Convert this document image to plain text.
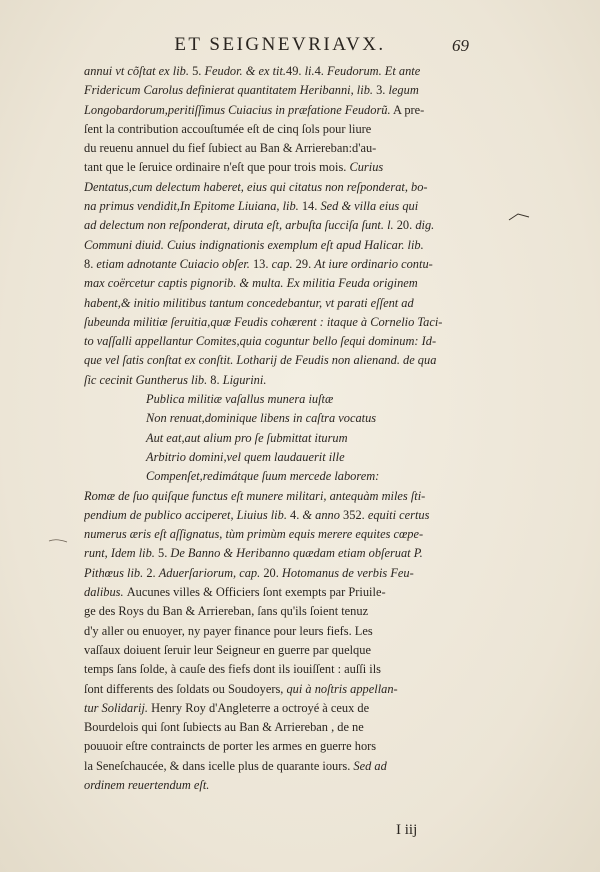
ET SEIGNEVRIAVX.	69
annui vt cõſtat ex lib. 5. Feudor. & ex tit.49. li.4. Feudorum. Et ante
Fridericum Carolus definierat quantitatem Heribanni, lib. 3. legum
Longobardorum,peritiſſimus Cuiacius in præfatione Feudorũ. A pre-
ſent la contribution accouſtumée eſt de cinq ſols pour liure
du reuenu annuel du fief ſubiect au Ban & Arriereban:d'au-
tant que le ſeruice ordinaire n'eſt que pour trois mois. Curius
Dentatus,cum delectum haberet, eius qui citatus non reſponderat, bo-
na primus vendidit,In Epitome Liuiana, lib. 14. Sed & villa eius qui
ad delectum non reſponderat, diruta eſt, arbuſta ſucciſa ſunt. l. 20. dig.
Communi diuid. Cuius indignationis exemplum eſt apud Halicar. lib.
8. etiam adnotante Cuiacio obſer. 13. cap. 29. At iure ordinario contu-
max coërcetur captis pignorib. & multa. Ex militia Feuda originem
habent,& initio militibus tantum concedebantur, vt parati eſſent ad
ſubeunda militiæ ſeruitia,quæ Feudis cohærent : itaque à Cornelio Taci-
to vaſſalli appellantur Comites,quia coguntur bello ſequi dominum: Id-
que vel ſatis conſtat ex conſtit. Lotharij de Feudis non alienand. de qua
ſic cecinit Guntherus lib. 8. Ligurini.
Publica militiæ vaſallus munera iuſtæ
Non renuat,dominique libens in caſtra vocatus
Aut eat,aut alium pro ſe ſubmittat iturum
Arbitrio domini,vel quem laudauerit ille
Compenſet,redimátque ſuum mercede laborem:
Romæ de ſuo quiſque functus eſt munere militari, antequàm miles ſti-
pendium de publico acciperet, Liuius lib. 4. & anno 352. equiti certus
numerus æris eſt aſſignatus, tùm primùm equis merere equites cœpe-
runt, Idem lib. 5. De Banno & Heribanno quædam etiam obſeruat P.
Pithœus lib. 2. Aduerſariorum, cap. 20. Hotomanus de verbis Feu-
dalibus. Aucunes villes & Officiers ſont exempts par Priuile-
ge des Roys du Ban & Arriereban, ſans qu'ils ſoient tenuz
d'y aller ou enuoyer, ny payer finance pour leurs fiefs. Les
vaſſaux doiuent ſeruir leur Seigneur en guerre par quelque
temps ſans ſolde, à cauſe des fiefs dont ils iouiſſent : auſſi ils
ſont differents des ſoldats ou Soudoyers, qui à noſtris appellan-
tur Solidarij. Henry Roy d'Angleterre a octroyé à ceux de
Bourdelois qui ſont ſubiects au Ban & Arriereban , de ne
pouuoir eſtre contraincts de porter les armes en guerre hors
la Seneſchaucée, & dans icelle plus de quarante iours. Sed ad
ordinem reuertendum eſt.
I iij
